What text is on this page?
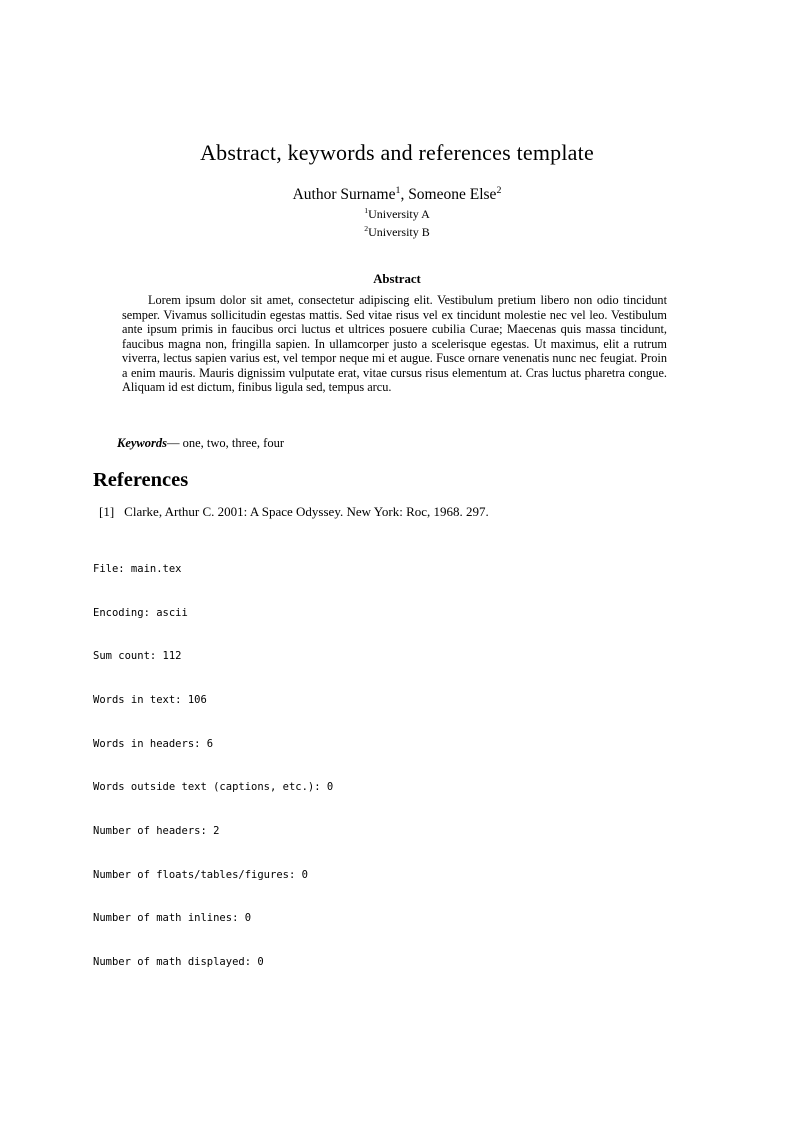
Abstract, keywords and references template
Author Surname$^1$, Someone Else$^2$
$^1$University A
$^2$University B
Abstract
Lorem ipsum dolor sit amet, consectetur adipiscing elit. Vestibulum pretium libero non odio tincidunt semper. Vivamus sollicitudin egestas mattis. Sed vitae risus vel ex tincidunt molestie nec vel leo. Vestibulum ante ipsum primis in faucibus orci luctus et ultrices posuere cubilia Curae; Maecenas quis massa tincidunt, faucibus magna non, fringilla sapien. In ullamcorper justo a scelerisque egestas. Ut maximus, elit a rutrum viverra, lectus sapien varius est, vel tempor neque mi et augue. Fusce ornare venenatis nunc nec feugiat. Proin a enim mauris. Mauris dignissim vulputate erat, vitae cursus risus elementum at. Cras luctus pharetra congue. Aliquam id est dictum, finibus ligula sed, tempus arcu.
Keywords— one, two, three, four
References
[1] Clarke, Arthur C. 2001: A Space Odyssey. New York: Roc, 1968. 297.

File: main.tex

Encoding: ascii

Sum count: 112

Words in text: 106

Words in headers: 6

Words outside text (captions, etc.): 0

Number of headers: 2

Number of floats/tables/figures: 0

Number of math inlines: 0

Number of math displayed: 0
